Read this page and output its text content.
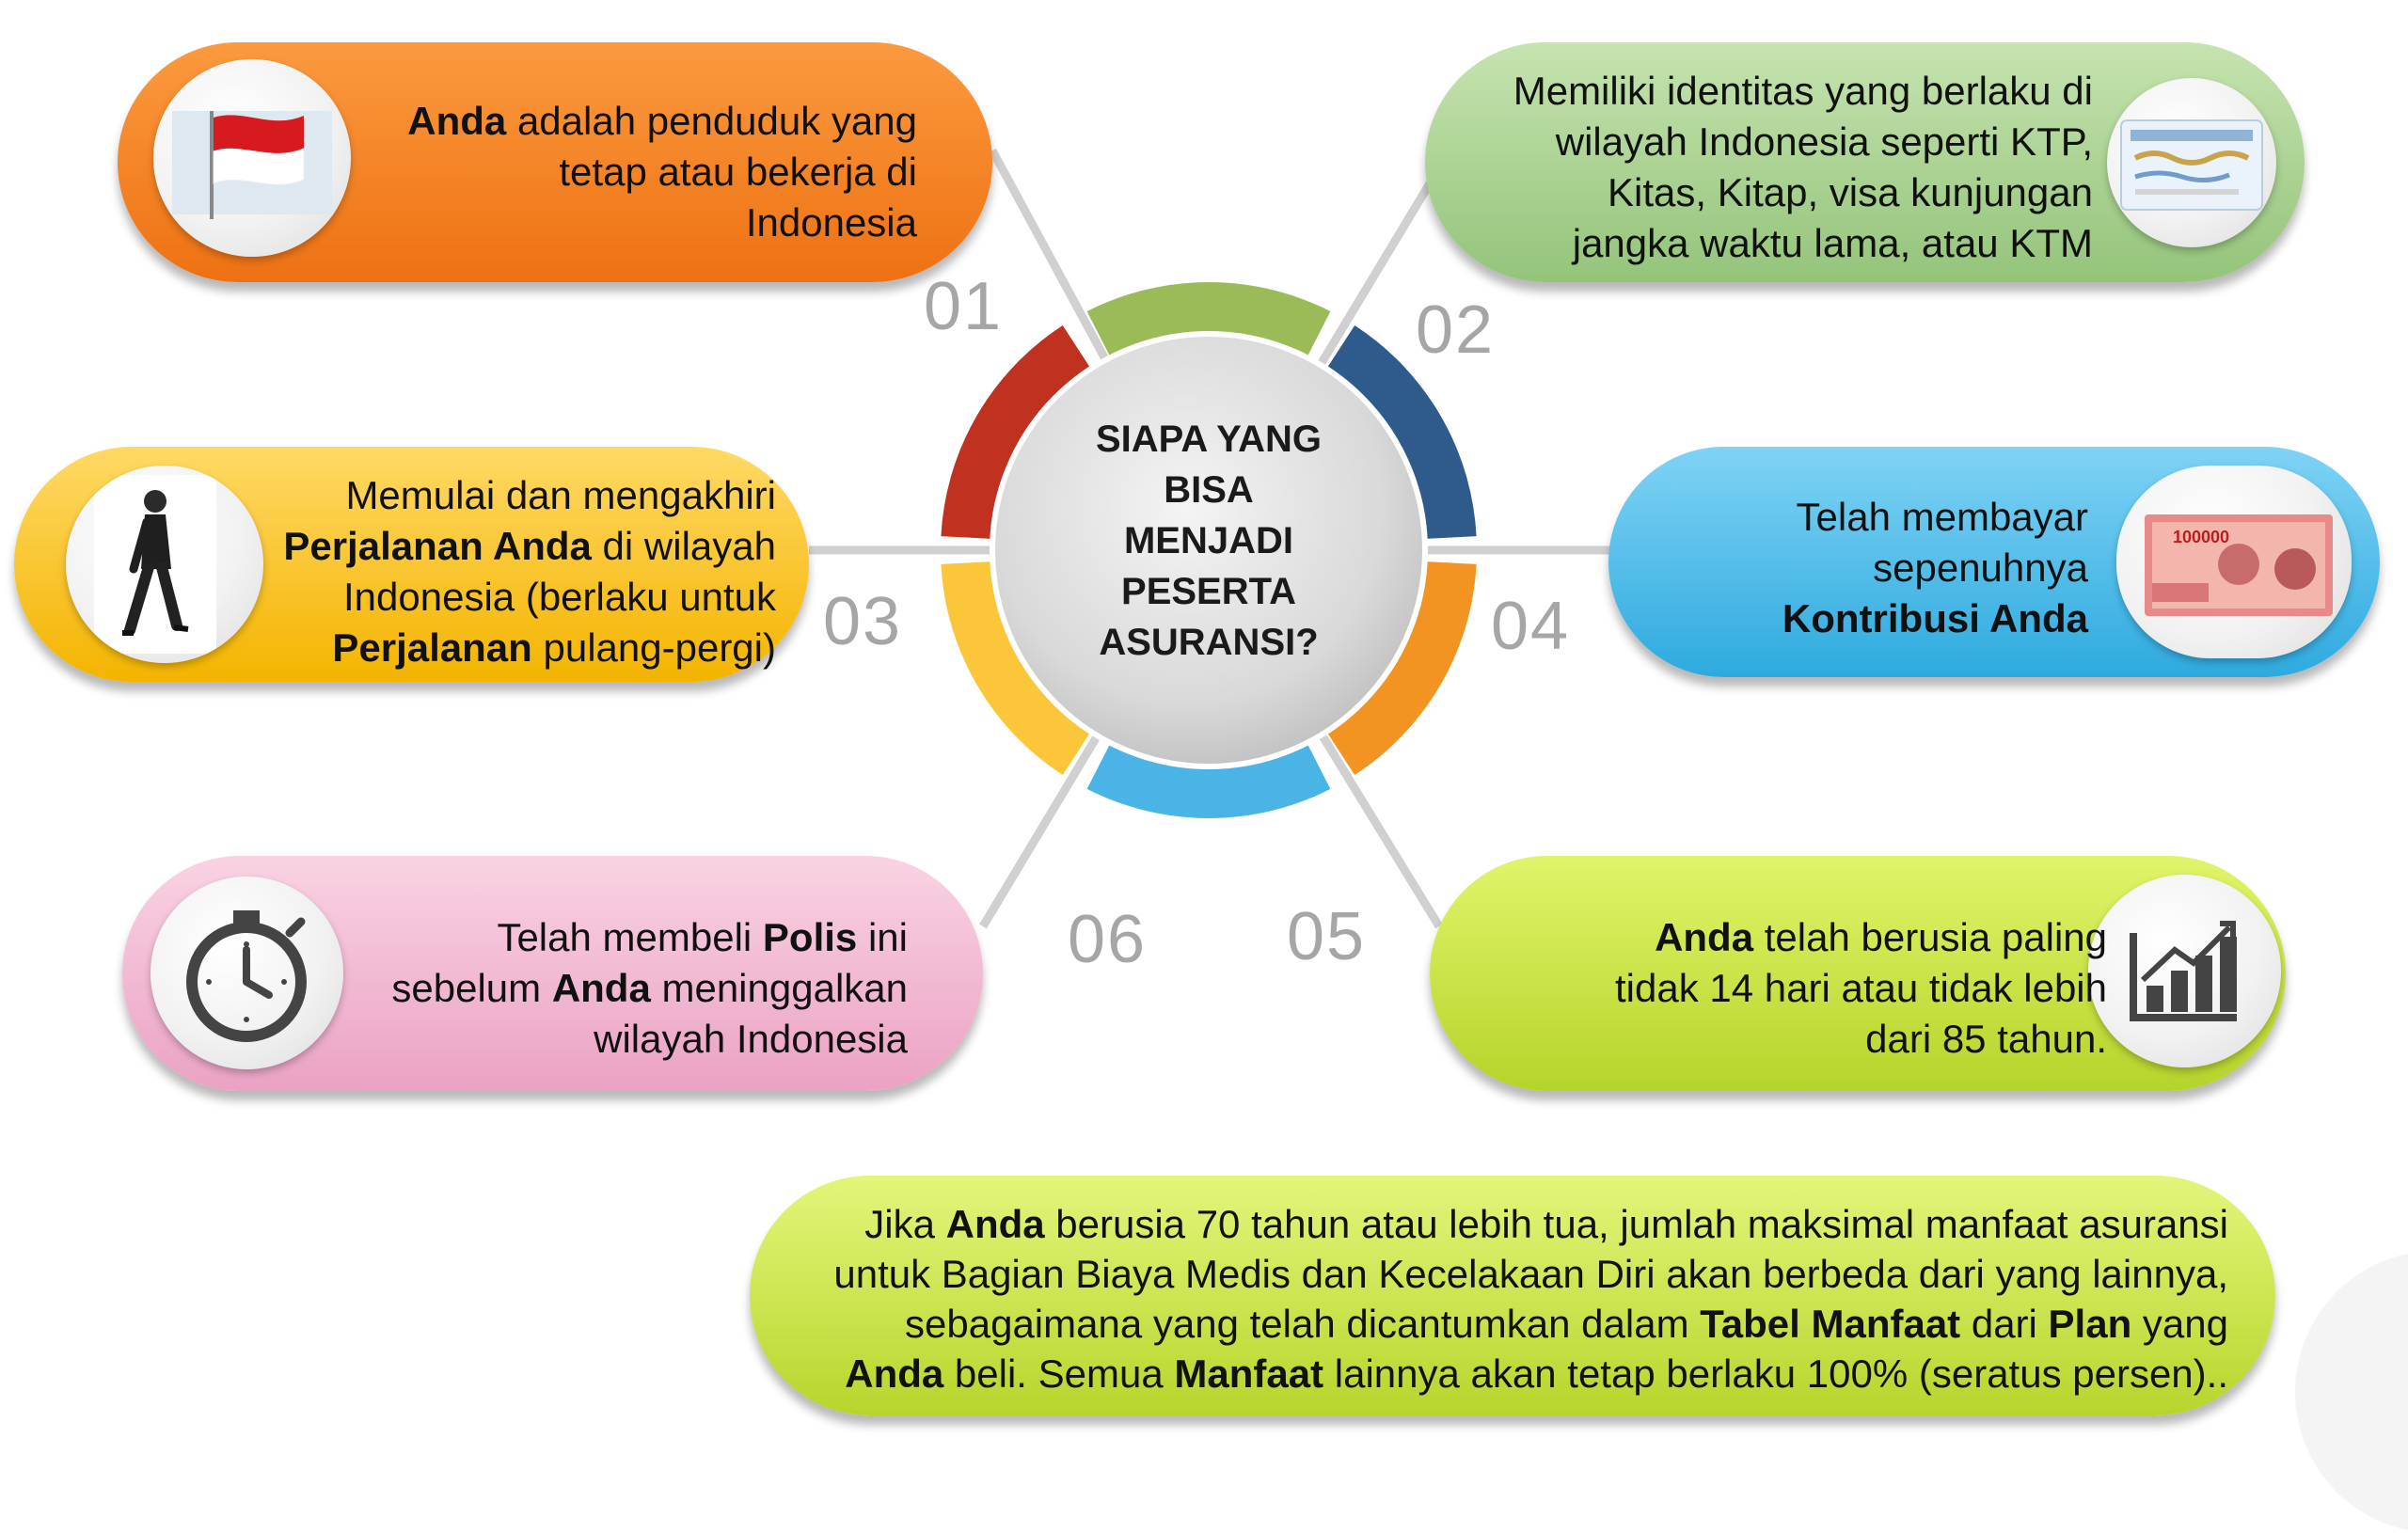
SIAPA YANG
BISA
MENJADI
PESERTA
ASURANSI?
Anda adalah penduduk yang
tetap atau bekerja di
Indonesia
01
Memiliki identitas yang berlaku di
wilayah Indonesia seperti KTP,
Kitas, Kitap, visa kunjungan
jangka waktu lama, atau KTM
02
Memulai dan mengakhiri
Perjalanan Anda di wilayah
Indonesia (berlaku untuk
Perjalanan pulang-pergi) 03
100000
Telah membayar
sepenuhnya
Kontribusi Anda
04
Anda telah berusia paling
tidak 14 hari atau tidak lebih
dari 85 tahun.
05
Telah membeli Polis ini
sebelum Anda meninggalkan
wilayah Indonesia
06
Jika Anda berusia 70 tahun atau lebih tua, jumlah maksimal manfaat asuransi
untuk Bagian Biaya Medis dan Kecelakaan Diri akan berbeda dari yang lainnya,
sebagaimana yang telah dicantumkan dalam Tabel Manfaat dari Plan yang
Anda beli. Semua Manfaat lainnya akan tetap berlaku 100% (seratus persen)..
